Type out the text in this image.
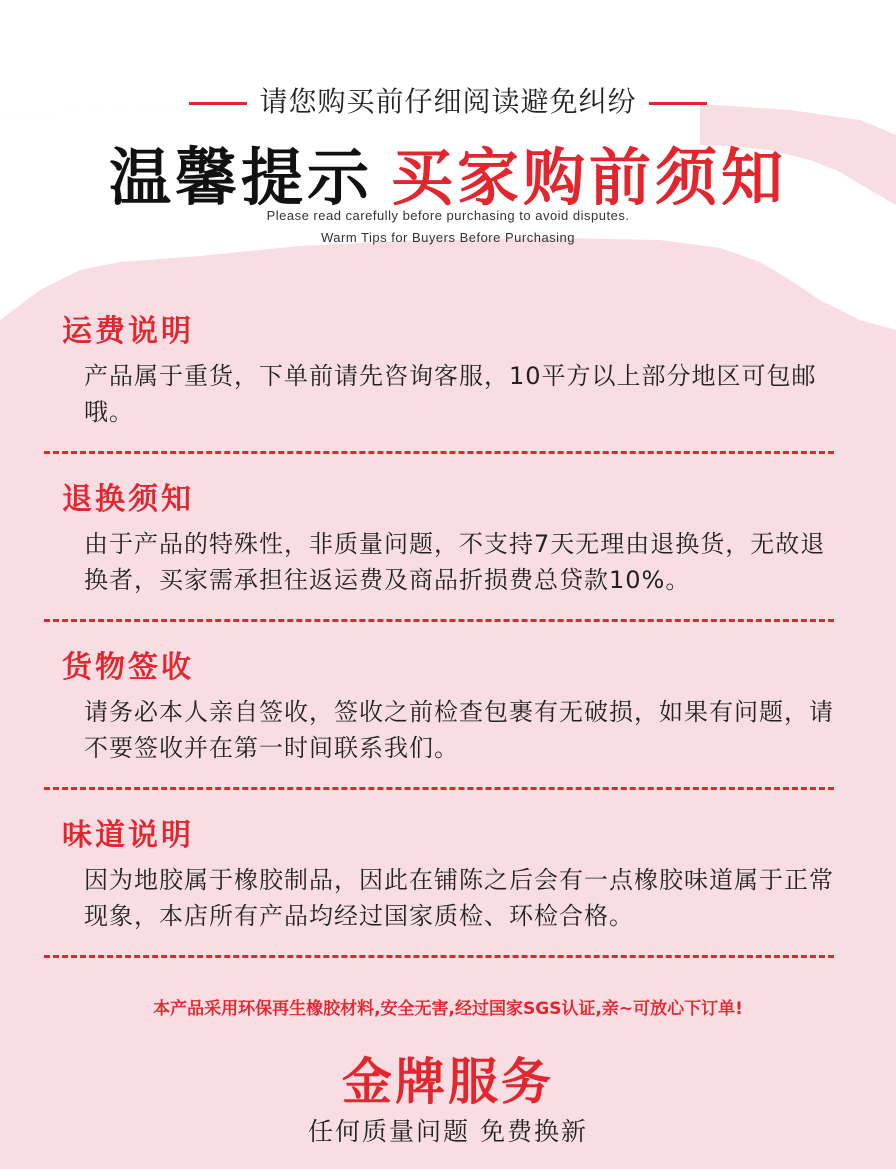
请您购买前仔细阅读避免纠纷
温馨提示 买家购前须知
Please read carefully before purchasing to avoid disputes.
Warm Tips for Buyers Before Purchasing
运费说明
产品属于重货，下单前请先咨询客服，10平方以上部分地区可包邮哦。
退换须知
由于产品的特殊性，非质量问题，不支持7天无理由退换货，无故退换者，买家需承担往返运费及商品折损费总贷款10%。
货物签收
请务必本人亲自签收，签收之前检查包裹有无破损，如果有问题，请不要签收并在第一时间联系我们。
味道说明
因为地胶属于橡胶制品，因此在铺陈之后会有一点橡胶味道属于正常现象，本店所有产品均经过国家质检、环检合格。
本产品采用环保再生橡胶材料,安全无害,经过国家SGS认证,亲~可放心下订单!
金牌服务
任何质量问题 免费换新
